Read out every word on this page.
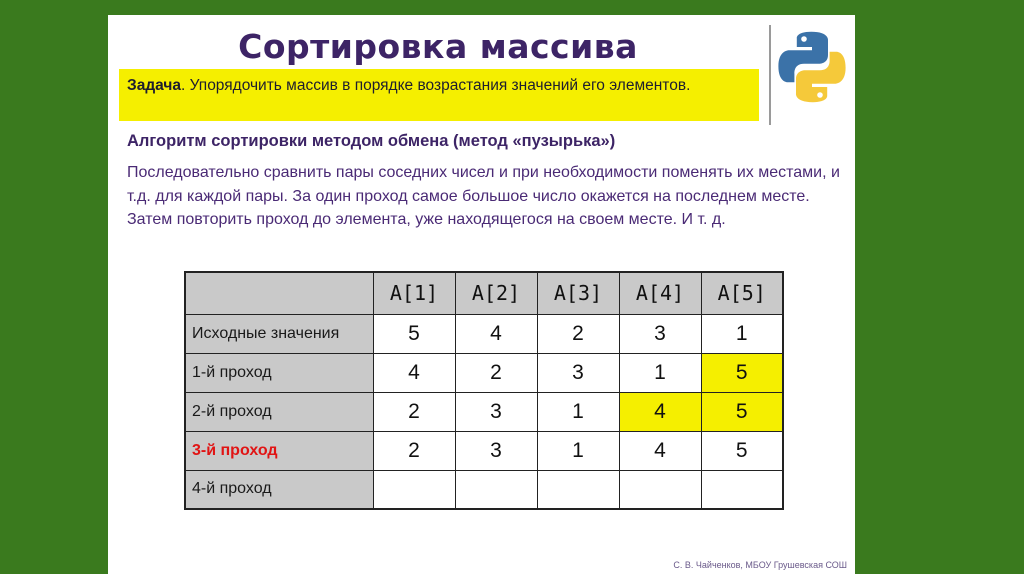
Сортировка массива
Задача. Упорядочить массив в порядке возрастания значений его элементов.
Алгоритм сортировки методом обмена (метод «пузырька»)
Последовательно сравнить пары соседних чисел и при необходимости поменять их местами, и т.д. для каждой пары. За один проход самое большое число окажется на последнем месте. Затем повторить проход до элемента, уже находящегося на своем месте. И т. д.
	A[1]	A[2]	A[3]	A[4]	A[5]
Исходные значения	5	4	2	3	1
1-й проход	4	2	3	1	5
2-й проход	2	3	1	4	5
3-й проход	2	3	1	4	5
4-й проход					
С. В. Чайченков, МБОУ Грушевская СОШ
